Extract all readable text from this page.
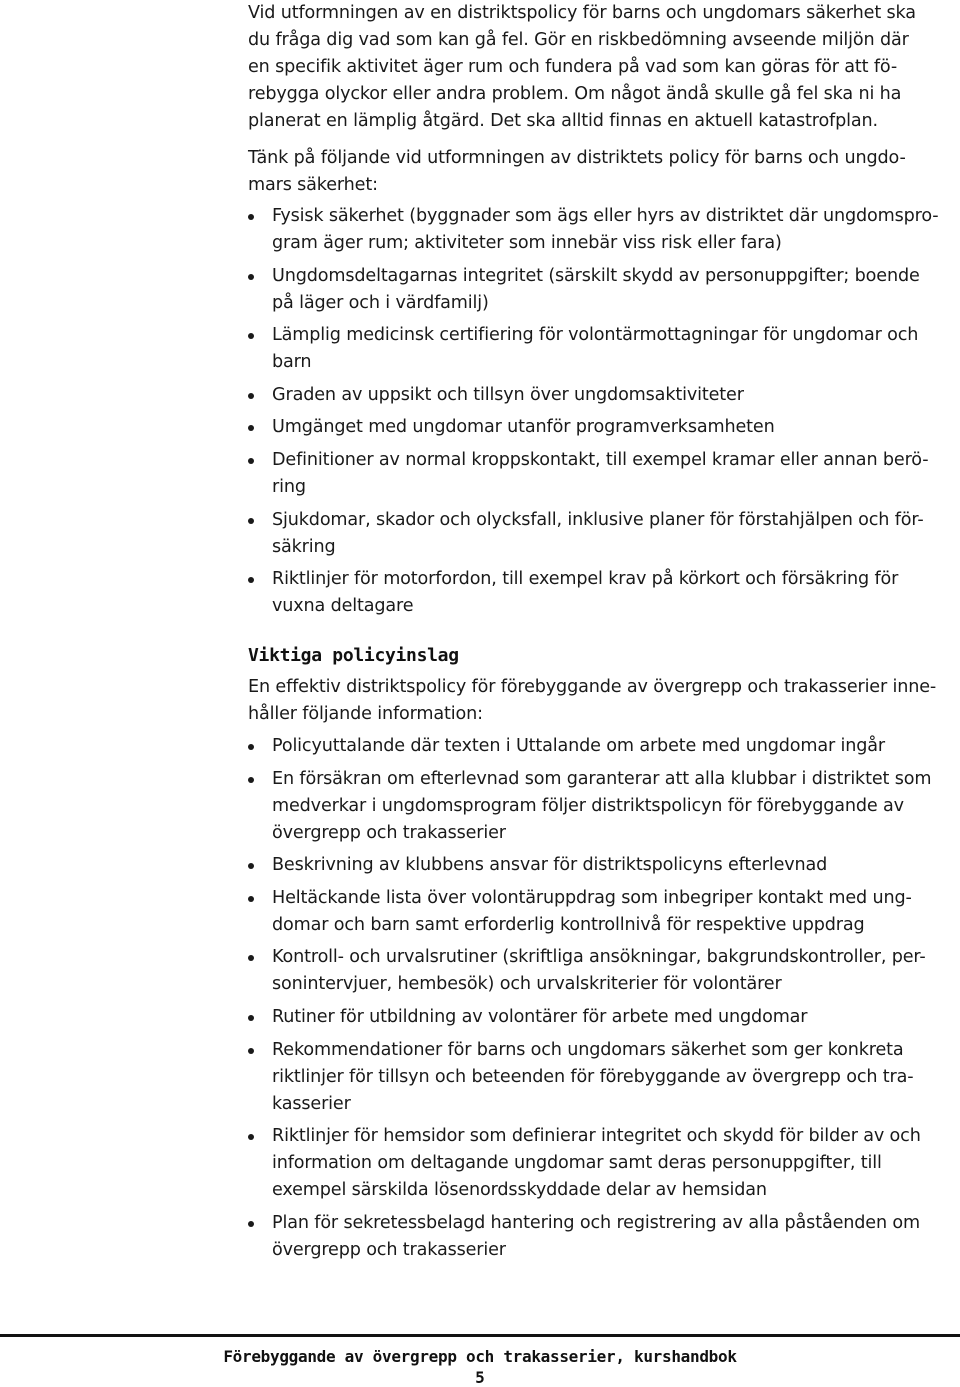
Vid utformningen av en distriktspolicy för barns och ungdomars säkerhet ska
du fråga dig vad som kan gå fel. Gör en riskbedömning avseende miljön där
en specifik aktivitet äger rum och fundera på vad som kan göras för att fö-
rebygga olyckor eller andra problem. Om något ändå skulle gå fel ska ni ha
planerat en lämplig åtgärd. Det ska alltid finnas en aktuell katastrofplan.

Tänk på följande vid utformningen av distriktets policy för barns och ungdo-
mars säkerhet:

Fysisk säkerhet (byggnader som ägs eller hyrs av distriktet där ungdomspro-
gram äger rum; aktiviteter som innebär viss risk eller fara)
Ungdomsdeltagarnas integritet (särskilt skydd av personuppgifter; boende
på läger och i värdfamilj)
Lämplig medicinsk certifiering för volontärmottagningar för ungdomar och
barn
Graden av uppsikt och tillsyn över ungdomsaktiviteter
Umgänget med ungdomar utanför programverksamheten
Definitioner av normal kroppskontakt, till exempel kramar eller annan berö-
ring
Sjukdomar, skador och olycksfall, inklusive planer för förstahjälpen och för-
säkring
Riktlinjer för motorfordon, till exempel krav på körkort och försäkring för
vuxna deltagare
Viktiga policyinslag

En effektiv distriktspolicy för förebyggande av övergrepp och trakasserier inne-
håller följande information:

Policyuttalande där texten i Uttalande om arbete med ungdomar ingår
En försäkran om efterlevnad som garanterar att alla klubbar i distriktet som
medverkar i ungdomsprogram följer distriktspolicyn för förebyggande av
övergrepp och trakasserier
Beskrivning av klubbens ansvar för distriktspolicyns efterlevnad
Heltäckande lista över volontäruppdrag som inbegriper kontakt med ung-
domar och barn samt erforderlig kontrollnivå för respektive uppdrag
Kontroll- och urvalsrutiner (skriftliga ansökningar, bakgrundskontroller, per-
sonintervjuer, hembesök) och urvalskriterier för volontärer
Rutiner för utbildning av volontärer för arbete med ungdomar
Rekommendationer för barns och ungdomars säkerhet som ger konkreta
riktlinjer för tillsyn och beteenden för förebyggande av övergrepp och tra-
kasserier
Riktlinjer för hemsidor som definierar integritet och skydd för bilder av och
information om deltagande ungdomar samt deras personuppgifter, till
exempel särskilda lösenordsskyddade delar av hemsidan
Plan för sekretessbelagd hantering och registrering av alla påståenden om
övergrepp och trakasserier
Förebyggande av övergrepp och trakasserier, kurshandbok
5
